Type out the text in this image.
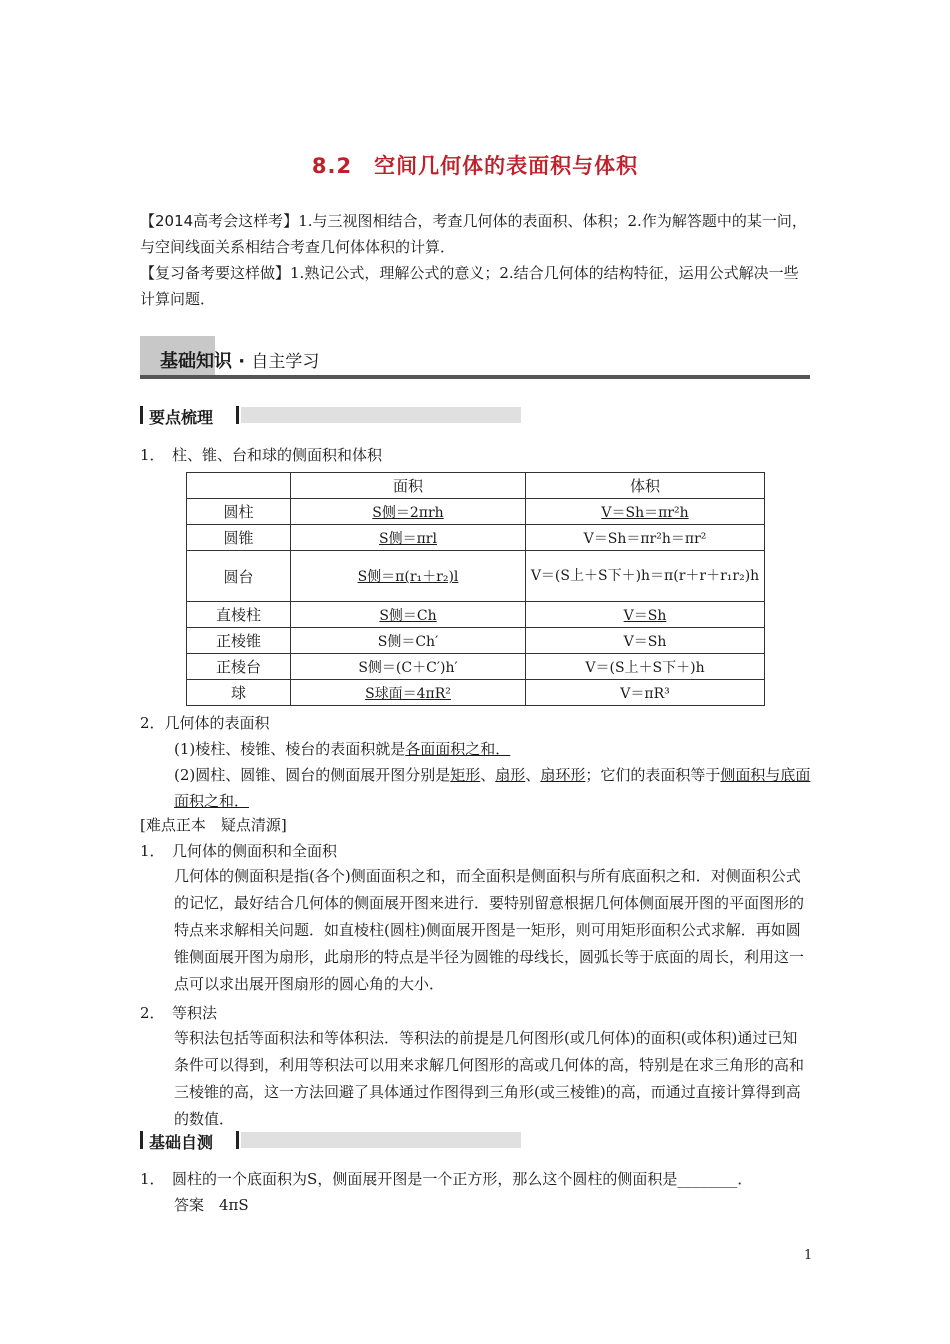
8.2　空间几何体的表面积与体积
【2014高考会这样考】1.与三视图相结合，考查几何体的表面积、体积；2.作为解答题中的某一问，与空间线面关系相结合考查几何体体积的计算．
【复习备考要这样做】1.熟记公式，理解公式的意义；2.结合几何体的结构特征，运用公式解决一些计算问题．
基础知识 · 自主学习
要点梳理
1．　柱、锥、台和球的侧面积和体积
	面积	体积
圆柱	S侧＝2πrh	V＝Sh＝πr²h
圆锥	S侧＝πrl	V＝Sh＝πr²h＝πr²
圆台	S侧＝π(r₁＋r₂)l	V＝(S上＋S下＋)h＝π(r＋r＋r₁r₂)h
直棱柱	S侧＝Ch	V＝Sh
正棱锥	S侧＝Ch′	V＝Sh
正棱台	S侧＝(C＋C′)h′	V＝(S上＋S下＋)h
球	S球面＝4πR²	V＝πR³
2．几何体的表面积
(1)棱柱、棱锥、棱台的表面积就是各面面积之和．
(2)圆柱、圆锥、圆台的侧面展开图分别是矩形、扇形、扇环形；它们的表面积等于侧面积与底面面积之和．
[难点正本　疑点清源]
1．　几何体的侧面积和全面积
几何体的侧面积是指(各个)侧面面积之和，而全面积是侧面积与所有底面积之和．对侧面积公式的记忆，最好结合几何体的侧面展开图来进行．要特别留意根据几何体侧面展开图的平面图形的特点来求解相关问题．如直棱柱(圆柱)侧面展开图是一矩形，则可用矩形面积公式求解．再如圆锥侧面展开图为扇形，此扇形的特点是半径为圆锥的母线长，圆弧长等于底面的周长，利用这一点可以求出展开图扇形的圆心角的大小．
2．　等积法
等积法包括等面积法和等体积法．等积法的前提是几何图形(或几何体)的面积(或体积)通过已知条件可以得到，利用等积法可以用来求解几何图形的高或几何体的高，特别是在求三角形的高和三棱锥的高，这一方法回避了具体通过作图得到三角形(或三棱锥)的高，而通过直接计算得到高的数值．
基础自测
1．　圆柱的一个底面积为S，侧面展开图是一个正方形，那么这个圆柱的侧面积是________．
答案　4πS
1
